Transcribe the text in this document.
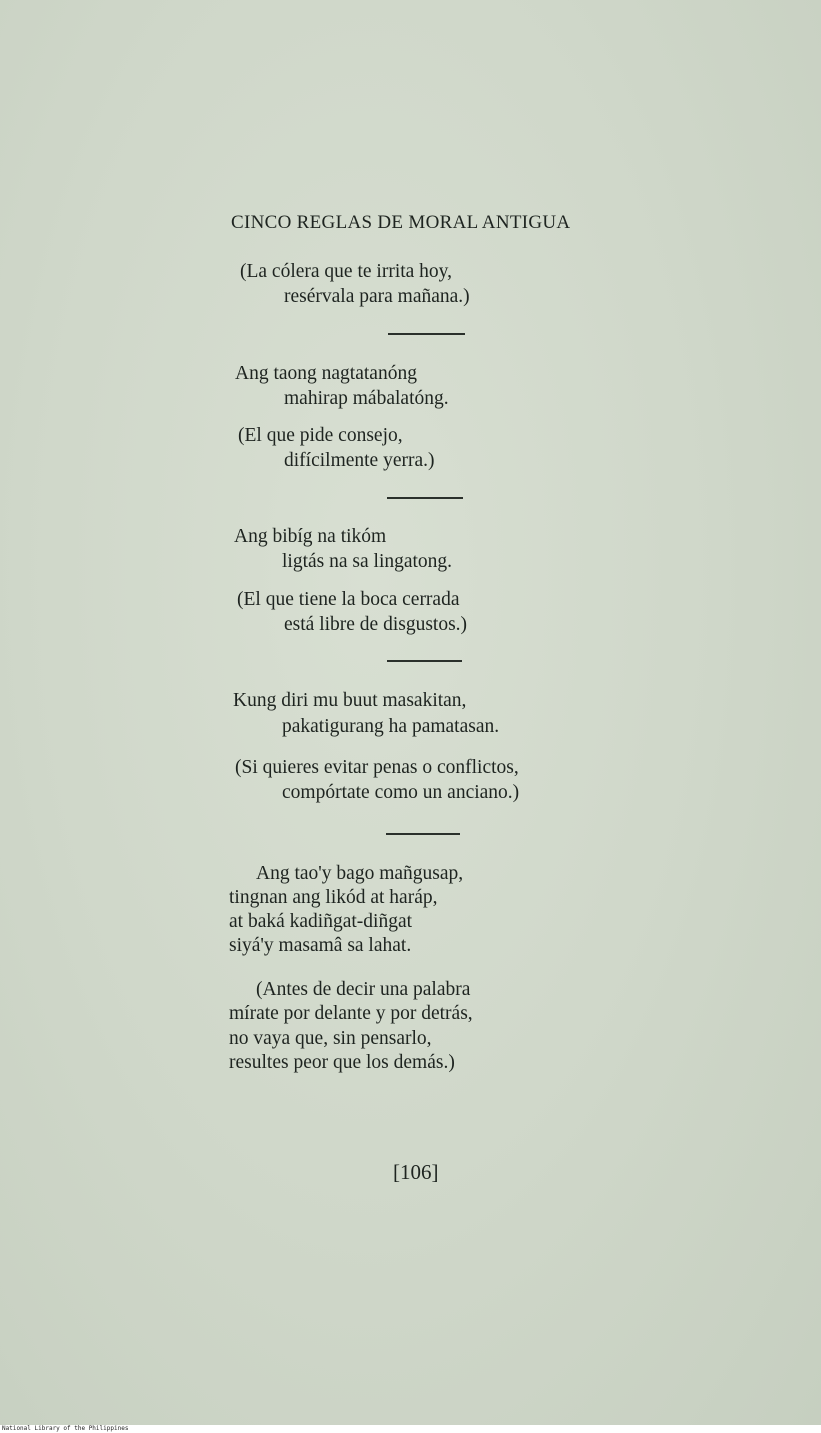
CINCO REGLAS DE MORAL ANTIGUA
(La cólera que te irrita hoy,
resérvala para mañana.)
Ang taong nagtatanóng
mahirap mábalatóng.
(El que pide consejo,
difícilmente yerra.)
Ang bibíg na tikóm
ligtás na sa lingatong.
(El que tiene la boca cerrada
está libre de disgustos.)
Kung diri mu buut masakitan,
pakatigurang ha pamatasan.
(Si quieres evitar penas o conflictos,
compórtate como un anciano.)
Ang tao'y bago mañgusap,
tingnan ang likód at haráp,
at baká kadiñgat-diñgat
siyá'y masamâ sa lahat.
(Antes de decir una palabra
mírate por delante y por detrás,
no vaya que, sin pensarlo,
resultes peor que los demás.)
[106]
National Library of the Philippines
